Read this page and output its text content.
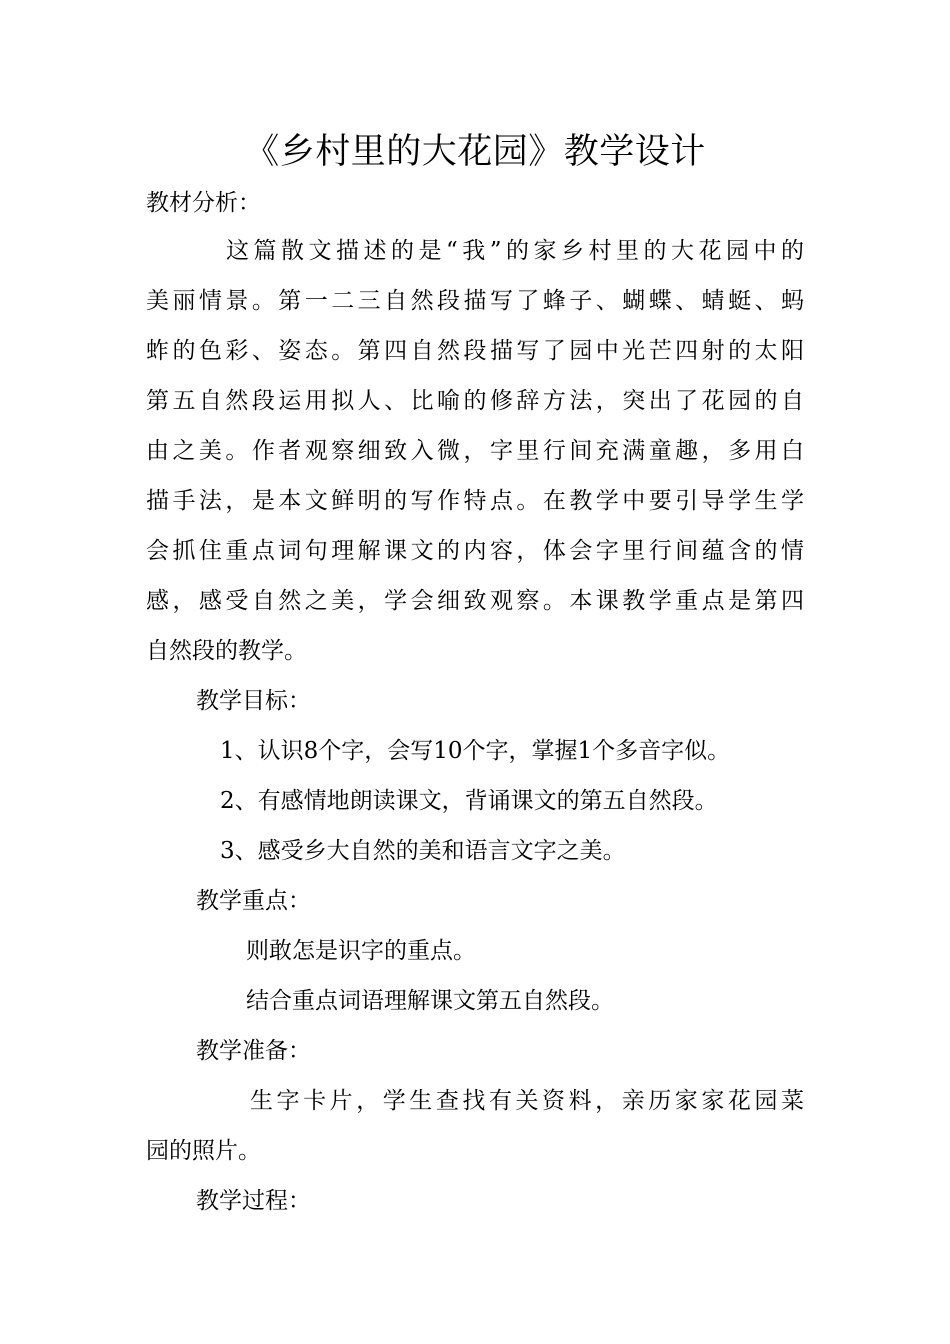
《乡村里的大花园》教学设计
教材分析：
这篇散文描述的是“我”的家乡村里的大花园中的
美丽情景。第一二三自然段描写了蜂子、蝴蝶、蜻蜓、蚂
蚱的色彩、姿态。第四自然段描写了园中光芒四射的太阳
第五自然段运用拟人、比喻的修辞方法，突出了花园的自
由之美。作者观察细致入微，字里行间充满童趣，多用白
描手法，是本文鲜明的写作特点。在教学中要引导学生学
会抓住重点词句理解课文的内容，体会字里行间蕴含的情
感，感受自然之美，学会细致观察。本课教学重点是第四
自然段的教学。
教学目标：
1、认识8个字，会写10个字，掌握1个多音字似。
2、有感情地朗读课文，背诵课文的第五自然段。
3、感受乡大自然的美和语言文字之美。
教学重点：
则敢怎是识字的重点。
结合重点词语理解课文第五自然段。
教学准备：
生字卡片，学生查找有关资料，亲历家家花园菜
园的照片。
教学过程：
